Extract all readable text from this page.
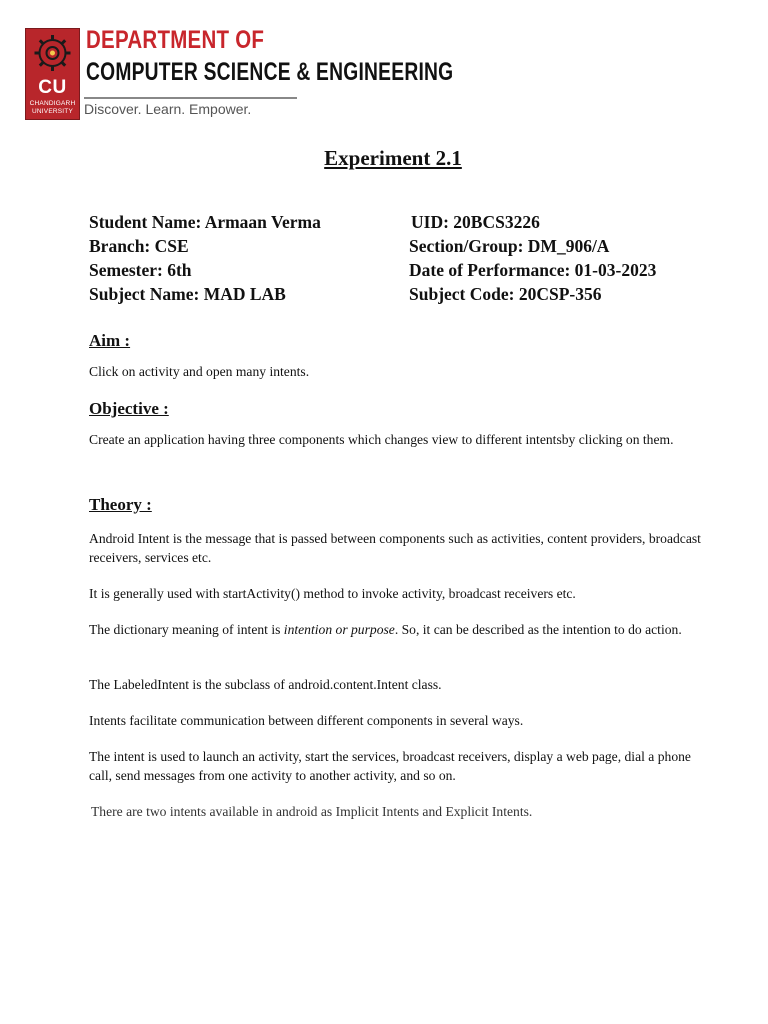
CU
CHANDIGARH
UNIVERSITY
DEPARTMENT OF
COMPUTER SCIENCE & ENGINEERING
Discover. Learn. Empower.
Experiment 2.1
Student Name: Armaan Verma	UID: 20BCS3226
Branch: CSE	Section/Group: DM_906/A
Semester: 6th	Date of Performance: 01-03-2023
Subject Name: MAD LAB	Subject Code: 20CSP-356
Aim :
Click on activity and open many intents.
Objective :
Create an application having three components which changes view to different intentsby clicking on them.
Theory :
Android Intent is the message that is passed between components such as activities, content providers, broadcast receivers, services etc.
It is generally used with startActivity() method to invoke activity, broadcast receivers etc.
The dictionary meaning of intent is intention or purpose. So, it can be described as the intention to do action.
The LabeledIntent is the subclass of android.content.Intent class.
Intents facilitate communication between different components in several ways.
The intent is used to launch an activity, start the services, broadcast receivers, display a web page, dial a phone call, send messages from one activity to another activity, and so on.
There are two intents available in android as Implicit Intents and Explicit Intents.
